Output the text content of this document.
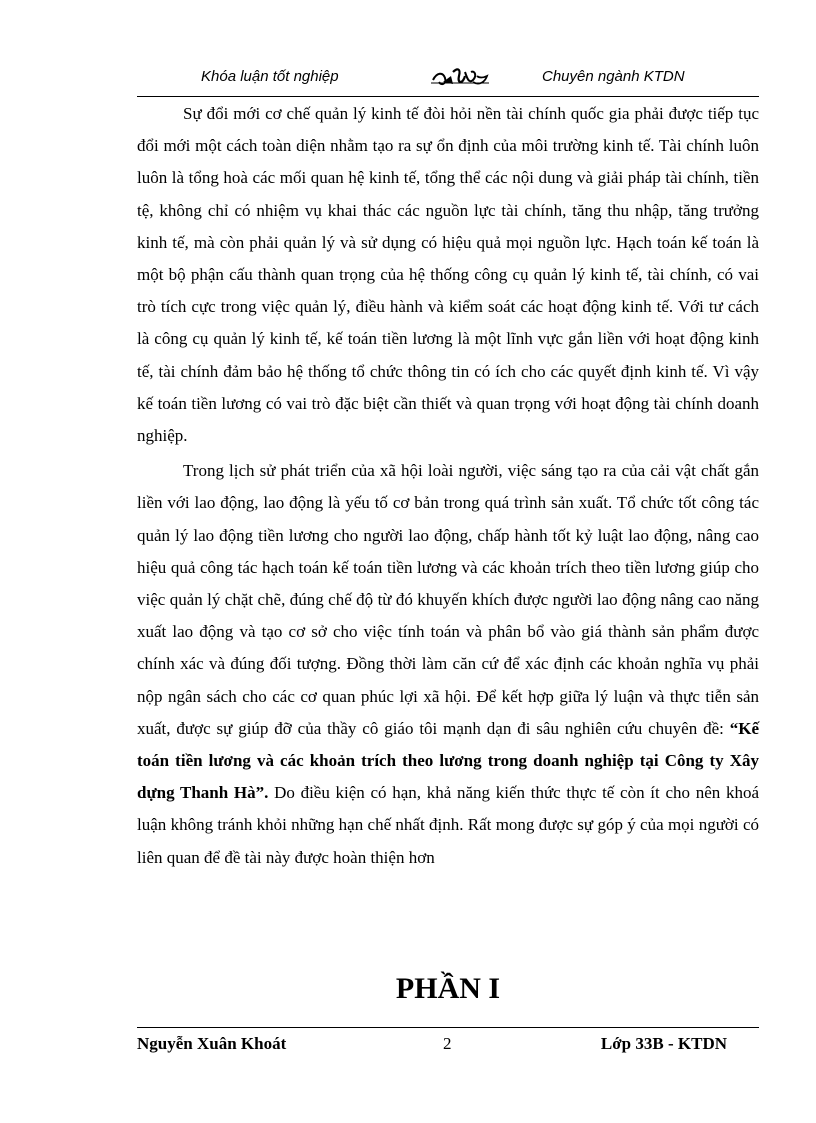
Khóa luận tốt nghiệp	Chuyên ngành KTDN

Sự đổi mới cơ chế quản lý kinh tế đòi hỏi nền tài chính quốc gia phải được tiếp tục đổi mới một cách toàn diện nhằm tạo ra sự ổn định của môi trường kinh tế. Tài chính luôn luôn là tổng hoà các mối quan hệ kinh tế, tổng thể các nội dung và giải pháp tài chính, tiền tệ, không chỉ có nhiệm vụ khai thác các nguồn lực tài chính, tăng thu nhập, tăng trưởng kinh tế, mà còn phải quản lý và sử dụng có hiệu quả mọi nguồn lực. Hạch toán kế toán là một bộ phận cấu thành quan trọng của hệ thống công cụ quản lý kinh tế, tài chính, có vai trò tích cực trong việc quản lý, điều hành và kiểm soát các hoạt động kinh tế. Với tư cách là công cụ quản lý kinh tế, kế toán tiền lương là một lĩnh vực gắn liền với hoạt động kinh tế, tài chính đảm bảo hệ thống tổ chức thông tin có ích cho các quyết định kinh tế. Vì vậy kế toán tiền lương có vai trò đặc biệt cần thiết và quan trọng với hoạt động tài chính doanh nghiệp.

Trong lịch sử phát triển của xã hội loài người, việc sáng tạo ra của cải vật chất gắn liền với lao động, lao động là yếu tố cơ bản trong quá trình sản xuất. Tổ chức tốt công tác quản lý lao động tiền lương cho người lao động, chấp hành tốt kỷ luật lao động, nâng cao hiệu quả công tác hạch toán kế toán tiền lương và các khoản trích theo tiền lương giúp cho việc quản lý chặt chẽ, đúng chế độ từ đó khuyến khích được người lao động nâng cao năng xuất lao động và tạo cơ sở cho việc tính toán và phân bổ vào giá thành sản phẩm được chính xác và đúng đối tượng. Đồng thời làm căn cứ để xác định các khoản nghĩa vụ phải nộp ngân sách cho các cơ quan phúc lợi xã hội. Để kết hợp giữa lý luận và thực tiễn sản xuất, được sự giúp đỡ của thầy cô giáo tôi mạnh dạn đi sâu nghiên cứu chuyên đề: “Kế toán tiền lương và các khoản trích theo lương trong doanh nghiệp tại Công ty Xây dựng Thanh Hà”. Do điều kiện có hạn, khả năng kiến thức thực tế còn ít cho nên khoá luận không tránh khỏi những hạn chế nhất định. Rất mong được sự góp ý của mọi người có liên quan để đề tài này được hoàn thiện hơn

PHẦN I
Nguyễn Xuân Khoát	2	Lớp 33B - KTDN
